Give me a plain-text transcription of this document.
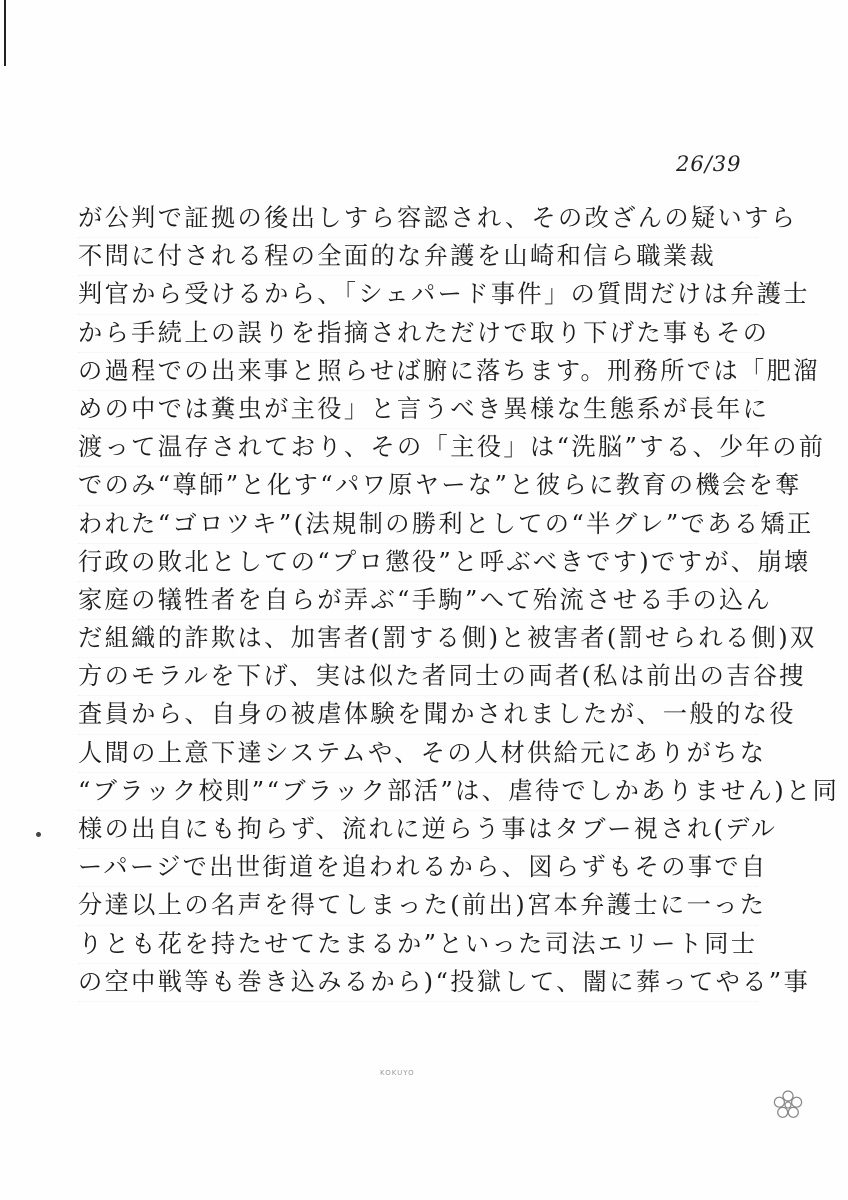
26/39
が公判で証拠の後出しすら容認され、その改ざんの疑いすら
不問に付される程の全面的な弁護を山崎和信ら職業裁
判官から受けるから、「シェパード事件」の質問だけは弁護士
から手続上の誤りを指摘されただけで取り下げた事もその
の過程での出来事と照らせば腑に落ちます。刑務所では「肥溜
めの中では糞虫が主役」と言うべき異様な生態系が長年に
渡って温存されており、その「主役」は“洗脳”する、少年の前
でのみ“尊師”と化す“パワ原ヤーな”と彼らに教育の機会を奪
われた“ゴロツキ”(法規制の勝利としての“半グレ”である矯正
行政の敗北としての“プロ懲役”と呼ぶべきです)ですが、崩壊
家庭の犠牲者を自らが弄ぶ“手駒”へて殆流させる手の込ん
だ組織的詐欺は、加害者(罰する側)と被害者(罰せられる側)双
方のモラルを下げ、実は似た者同士の両者(私は前出の吉谷捜
査員から、自身の被虐体験を聞かされましたが、一般的な役
人間の上意下達システムや、その人材供給元にありがちな
“ブラック校則”“ブラック部活”は、虐待でしかありません)と同
様の出自にも拘らず、流れに逆らう事はタブー視され(デル
ーパージで出世街道を追われるから、図らずもその事で自
分達以上の名声を得てしまった(前出)宮本弁護士に一った
りとも花を持たせてたまるか”といった司法エリート同士
の空中戦等も巻き込みるから)“投獄して、闇に葬ってやる”事
KOKUYO
